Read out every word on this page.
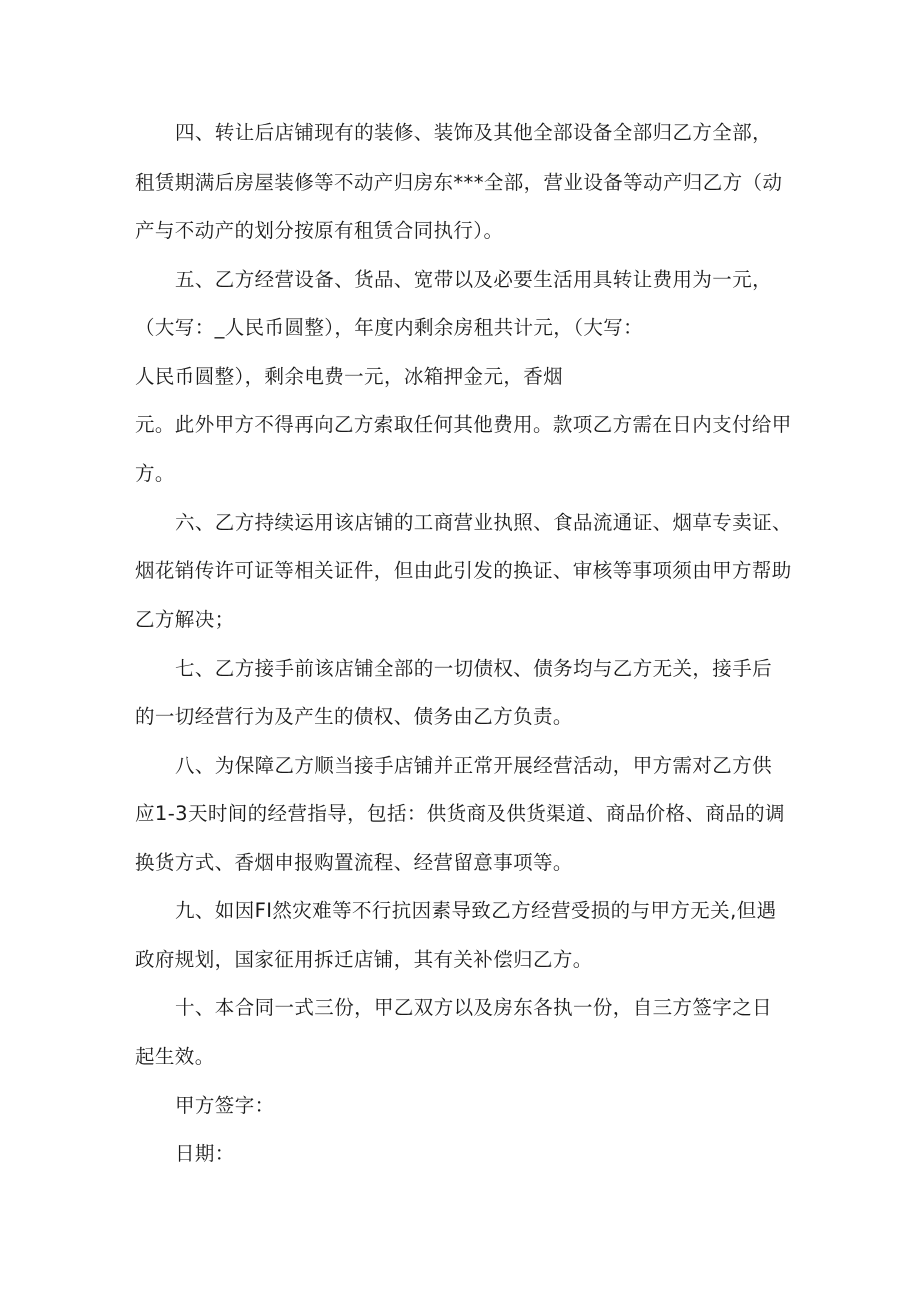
四、转让后店铺现有的装修、装饰及其他全部设备全部归乙方全部，
租赁期满后房屋装修等不动产归房东***全部，营业设备等动产归乙方（动
产与不动产的划分按原有租赁合同执行）。
五、乙方经营设备、货品、宽带以及必要生活用具转让费用为一元，
（大写：_人民币圆整），年度内剩余房租共计元，（大写：
人民币圆整），剩余电费一元，冰箱押金元，香烟
元。此外甲方不得再向乙方索取任何其他费用。款项乙方需在日内支付给甲
方。
六、乙方持续运用该店铺的工商营业执照、食品流通证、烟草专卖证、
烟花销传许可证等相关证件，但由此引发的换证、审核等事项须由甲方帮助
乙方解决；
七、乙方接手前该店铺全部的一切债权、债务均与乙方无关，接手后
的一切经营行为及产生的债权、债务由乙方负责。
八、为保障乙方顺当接手店铺并正常开展经营活动，甲方需对乙方供
应1-3天时间的经营指导，包括：供货商及供货渠道、商品价格、商品的调
换货方式、香烟申报购置流程、经营留意事项等。
九、如因FI然灾难等不行抗因素导致乙方经营受损的与甲方无关,但遇
政府规划，国家征用拆迁店铺，其有关补偿归乙方。
十、本合同一式三份，甲乙双方以及房东各执一份，自三方签字之日
起生效。
甲方签字：
日期：
